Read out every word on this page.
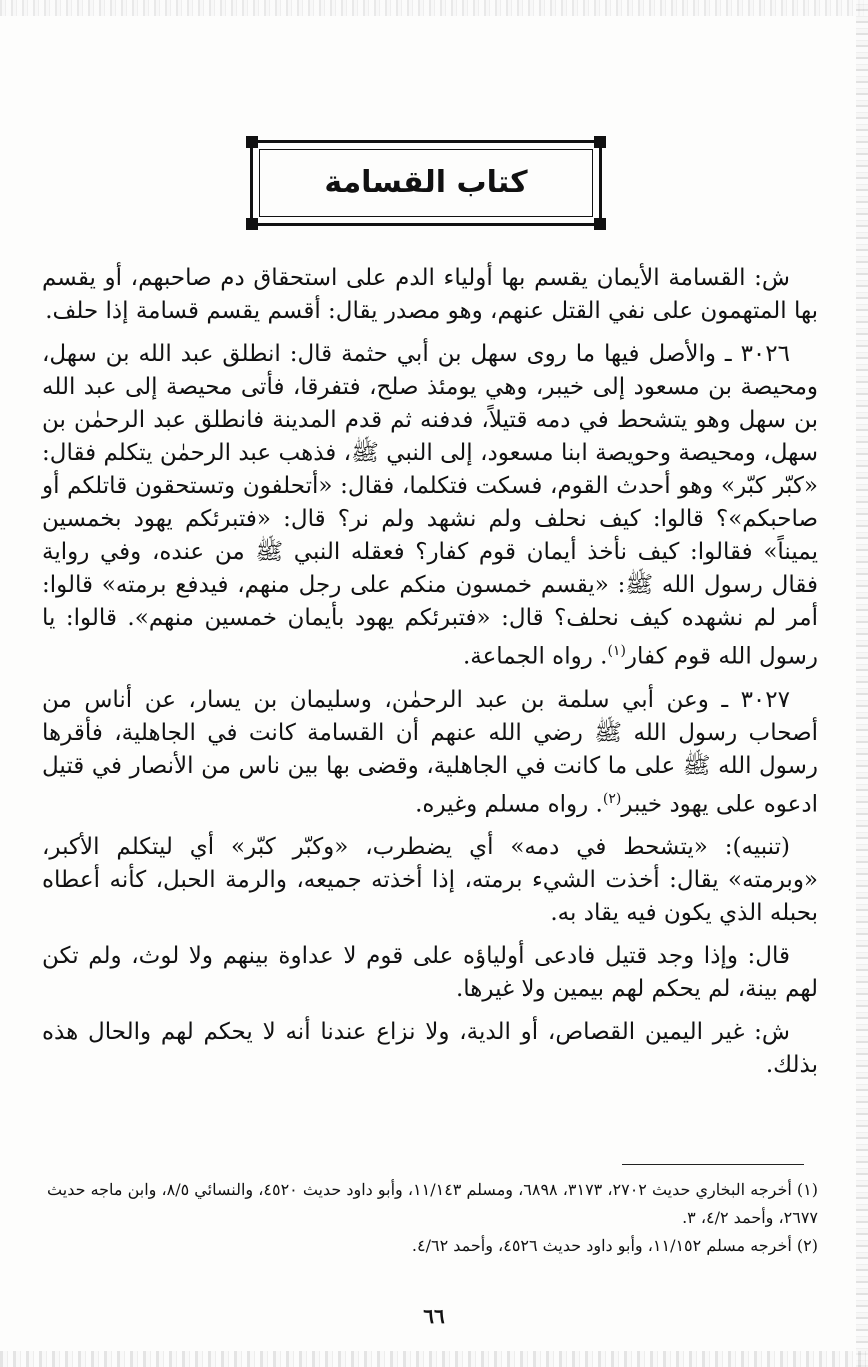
كتاب القسامة

ش: القسامة الأيمان يقسم بها أولياء الدم على استحقاق دم صاحبهم، أو يقسم بها المتهمون على نفي القتل عنهم، وهو مصدر يقال: أقسم يقسم قسامة إذا حلف.

٣٠٢٦ ـ والأصل فيها ما روى سهل بن أبي حثمة قال: انطلق عبد الله بن سهل، ومحيصة بن مسعود إلى خيبر، وهي يومئذ صلح، فتفرقا، فأتى محيصة إلى عبد الله بن سهل وهو يتشحط في دمه قتيلاً، فدفنه ثم قدم المدينة فانطلق عبد الرحمٰن بن سهل، ومحيصة وحويصة ابنا مسعود، إلى النبي ﷺ، فذهب عبد الرحمٰن يتكلم فقال: «كبّر كبّر» وهو أحدث القوم، فسكت فتكلما، فقال: «أتحلفون وتستحقون قاتلكم أو صاحبكم»؟ قالوا: كيف نحلف ولم نشهد ولم نر؟ قال: «فتبرئكم يهود بخمسين يميناً» فقالوا: كيف نأخذ أيمان قوم كفار؟ فعقله النبي ﷺ من عنده، وفي رواية فقال رسول الله ﷺ: «يقسم خمسون منكم على رجل منهم، فيدفع برمته» قالوا: أمر لم نشهده كيف نحلف؟ قال: «فتبرئكم يهود بأيمان خمسين منهم». قالوا: يا رسول الله قوم كفار$^{(١)}$. رواه الجماعة.

٣٠٢٧ ـ وعن أبي سلمة بن عبد الرحمٰن، وسليمان بن يسار، عن أناس من أصحاب رسول الله ﷺ رضي الله عنهم أن القسامة كانت في الجاهلية، فأقرها رسول الله ﷺ على ما كانت في الجاهلية، وقضى بها بين ناس من الأنصار في قتيل ادعوه على يهود خيبر$^{(٢)}$. رواه مسلم وغيره.

(تنبيه): «يتشحط في دمه» أي يضطرب، «وكبّر كبّر» أي ليتكلم الأكبر، «وبرمته» يقال: أخذت الشيء برمته، إذا أخذته جميعه، والرمة الحبل، كأنه أعطاه بحبله الذي يكون فيه يقاد به.

قال: وإذا وجد قتيل فادعى أولياؤه على قوم لا عداوة بينهم ولا لوث، ولم تكن لهم بينة، لم يحكم لهم بيمين ولا غيرها.

ش: غير اليمين القصاص، أو الدية، ولا نزاع عندنا أنه لا يحكم لهم والحال هذه بذلك.

(١) أخرجه البخاري حديث ٢٧٠٢، ٣١٧٣، ٦٨٩٨، ومسلم ١١/١٤٣، وأبو داود حديث ٤٥٢٠، والنسائي ٨/٥، وابن ماجه حديث ٢٦٧٧، وأحمد ٤/٢، ٣.

(٢) أخرجه مسلم ١١/١٥٢، وأبو داود حديث ٤٥٢٦، وأحمد ٤/٦٢.

٦٦
